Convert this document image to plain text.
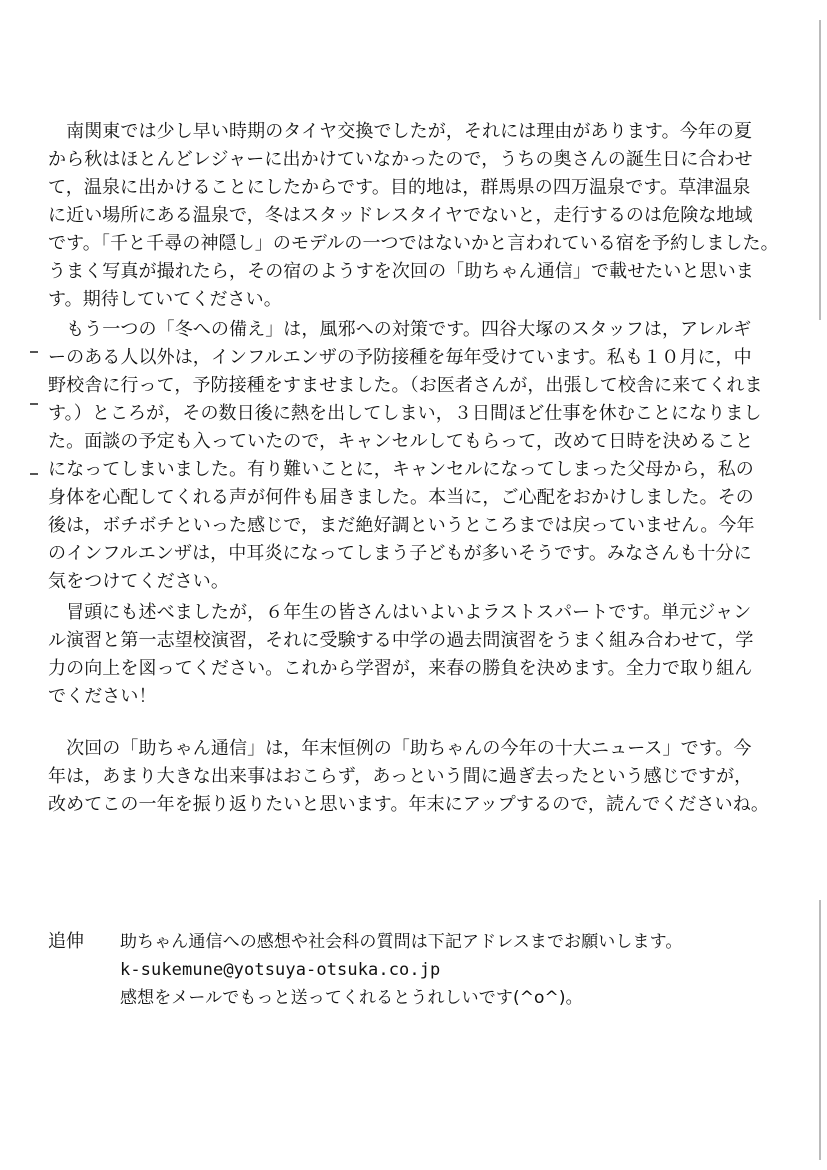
　南関東では少し早い時期のタイヤ交換でしたが，それには理由があります。今年の夏
から秋はほとんどレジャーに出かけていなかったので，うちの奥さんの誕生日に合わせ
て，温泉に出かけることにしたからです。目的地は，群馬県の四万温泉です。草津温泉
に近い場所にある温泉で，冬はスタッドレスタイヤでないと，走行するのは危険な地域
です。「千と千尋の神隠し」のモデルの一つではないかと言われている宿を予約しました。
うまく写真が撮れたら，その宿のようすを次回の「助ちゃん通信」で載せたいと思いま
す。期待していてください。
　もう一つの「冬への備え」は，風邪への対策です。四谷大塚のスタッフは，アレルギ
ーのある人以外は，インフルエンザの予防接種を毎年受けています。私も１０月に，中
野校舎に行って，予防接種をすませました。（お医者さんが，出張して校舎に来てくれま
す。）ところが，その数日後に熱を出してしまい，３日間ほど仕事を休むことになりまし
た。面談の予定も入っていたので，キャンセルしてもらって，改めて日時を決めること
になってしまいました。有り難いことに，キャンセルになってしまった父母から，私の
身体を心配してくれる声が何件も届きました。本当に，ご心配をおかけしました。その
後は，ボチボチといった感じで，まだ絶好調というところまでは戻っていません。今年
のインフルエンザは，中耳炎になってしまう子どもが多いそうです。みなさんも十分に
気をつけてください。
　冒頭にも述べましたが，６年生の皆さんはいよいよラストスパートです。単元ジャン
ル演習と第一志望校演習，それに受験する中学の過去問演習をうまく組み合わせて，学
力の向上を図ってください。これから学習が，来春の勝負を決めます。全力で取り組ん
でください！
　次回の「助ちゃん通信」は，年末恒例の「助ちゃんの今年の十大ニュース」です。今
年は，あまり大きな出来事はおこらず，あっという間に過ぎ去ったという感じですが，
改めてこの一年を振り返りたいと思います。年末にアップするので，読んでくださいね。
追伸 助ちゃん通信への感想や社会科の質問は下記アドレスまでお願いします。
k-sukemune@yotsuya-otsuka.co.jp
感想をメールでもっと送ってくれるとうれしいです(^o^)。
